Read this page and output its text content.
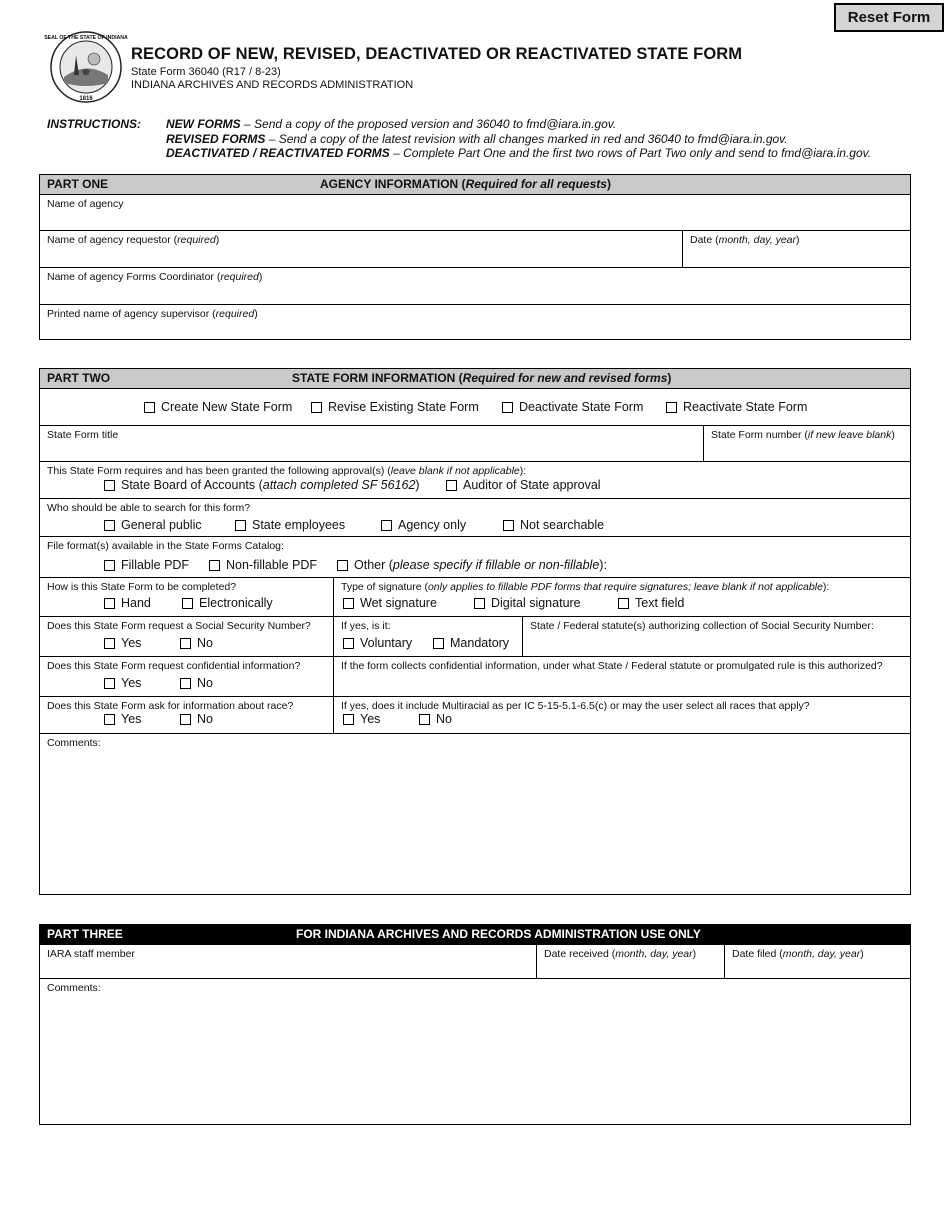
Reset Form
SEAL OF THE STATE OF INDIANA
1816
RECORD OF NEW, REVISED, DEACTIVATED OR REACTIVATED STATE FORM
State Form 36040 (R17 / 8-23)
INDIANA ARCHIVES AND RECORDS ADMINISTRATION
INSTRUCTIONS: NEW FORMS – Send a copy of the proposed version and 36040 to fmd@iara.in.gov.
REVISED FORMS – Send a copy of the latest revision with all changes marked in red and 36040 to fmd@iara.in.gov.
DEACTIVATED / REACTIVATED FORMS – Complete Part One and the first two rows of Part Two only and send to fmd@iara.in.gov.
PART ONE	AGENCY INFORMATION (Required for all requests)
Name of agency
Name of agency requestor (required)	Date (month, day, year)
Name of agency Forms Coordinator (required)
Printed name of agency supervisor (required)
PART TWO	STATE FORM INFORMATION (Required for new and revised forms)
Create New State Form	Revise Existing State Form	Deactivate State Form	Reactivate State Form
State Form title	State Form number (if new leave blank)
This State Form requires and has been granted the following approval(s) (leave blank if not applicable):
State Board of Accounts ( attach completed SF 56162 )	Auditor of State approval
Who should be able to search for this form?
General public	State employees	Agency only	Not searchable
File format(s) available in the State Forms Catalog:
Fillable PDF	Non-fillable PDF	Other ( please specify if fillable or non-fillable ):
How is this State Form to be completed?
Hand	Electronically
Type of signature (only applies to fillable PDF forms that require signatures; leave blank if not applicable):
Wet signature	Digital signature	Text field
Does this State Form request a Social Security Number?
Yes	No
If yes, is it:
Voluntary	Mandatory
State / Federal statute(s) authorizing collection of Social Security Number:
Does this State Form request confidential information?
Yes	No
If the form collects confidential information, under what State / Federal statute or promulgated rule is this authorized?
Does this State Form ask for information about race?
Yes	No
If yes, does it include Multiracial as per IC 5-15-5.1-6.5(c) or may the user select all races that apply?
Yes	No
Comments:
PART THREE	FOR INDIANA ARCHIVES AND RECORDS ADMINISTRATION USE ONLY
IARA staff member	Date received (month, day, year)	Date filed (month, day, year)
Comments:
